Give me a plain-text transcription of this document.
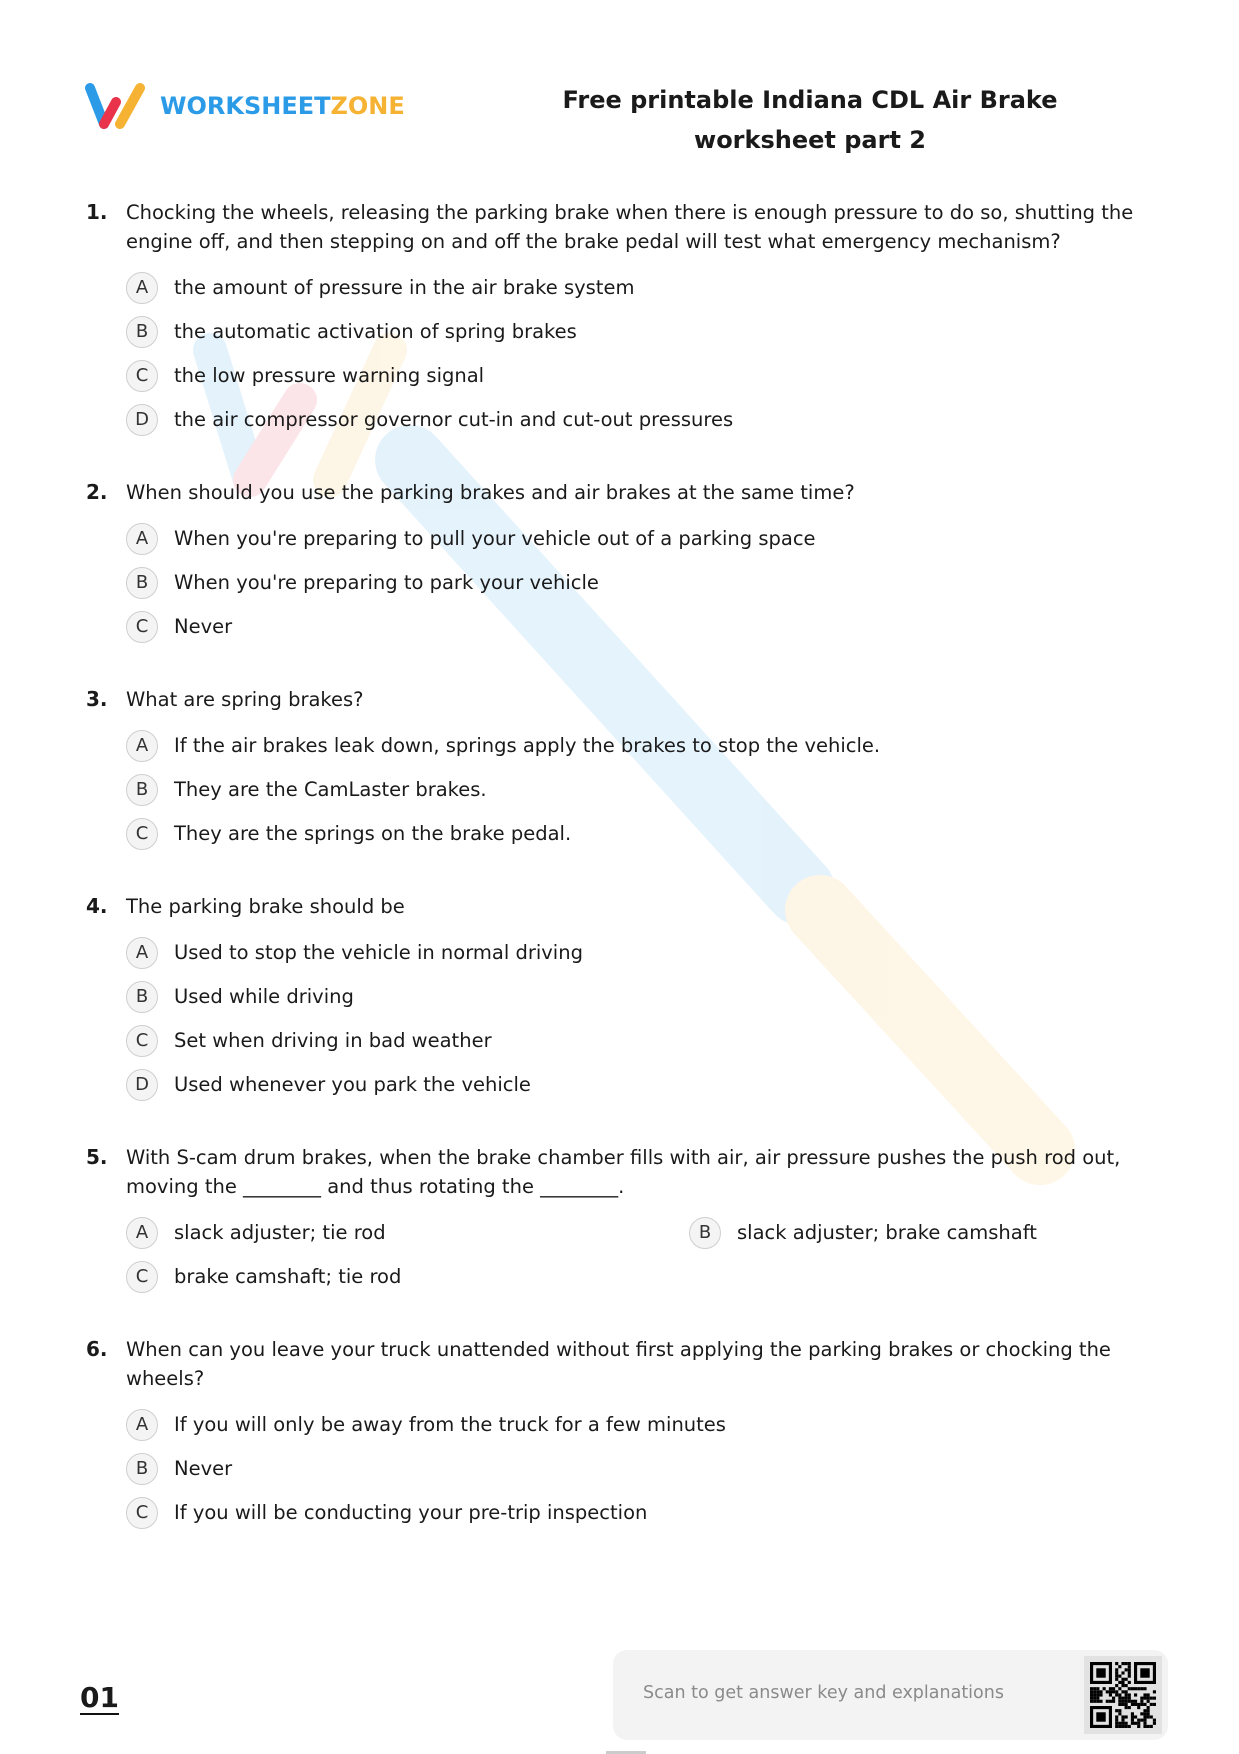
WORKSHEETZONE	Free printable Indiana CDL Air Brake
worksheet part 2
1. Chocking the wheels, releasing the parking brake when there is enough pressure to do so, shutting the engine off, and then stepping on and off the brake pedal will test what emergency mechanism?
A	the amount of pressure in the air brake system
B	the automatic activation of spring brakes
C	the low pressure warning signal
D	the air compressor governor cut-in and cut-out pressures
2. When should you use the parking brakes and air brakes at the same time?
A	When you're preparing to pull your vehicle out of a parking space
B	When you're preparing to park your vehicle
C	Never
3. What are spring brakes?
A	If the air brakes leak down, springs apply the brakes to stop the vehicle.
B	They are the CamLaster brakes.
C	They are the springs on the brake pedal.
4. The parking brake should be
A	Used to stop the vehicle in normal driving
B	Used while driving
C	Set when driving in bad weather
D	Used whenever you park the vehicle
5. With S-cam drum brakes, when the brake chamber fills with air, air pressure pushes the push rod out, moving the ________ and thus rotating the ________.
A	slack adjuster; tie rod	B	slack adjuster; brake camshaft
C	brake camshaft; tie rod
6. When can you leave your truck unattended without first applying the parking brakes or chocking the wheels?
A	If you will only be away from the truck for a few minutes
B	Never
C	If you will be conducting your pre-trip inspection
01	Scan to get answer key and explanations
